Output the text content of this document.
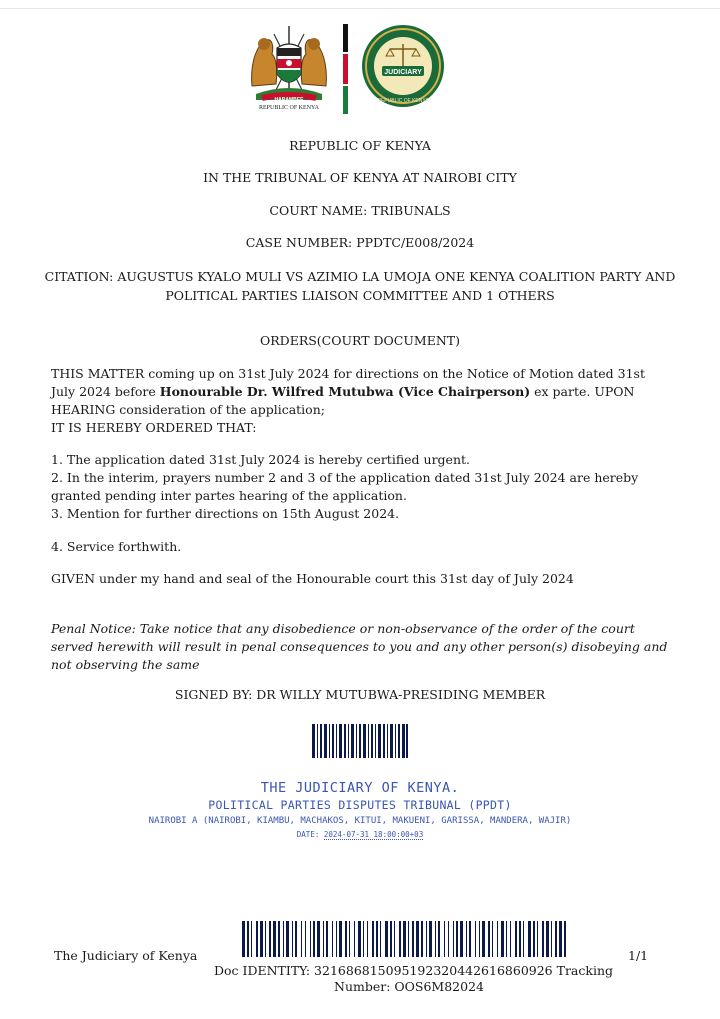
HARAMBEE
REPUBLIC OF KENYA
JUDICIARY
REPUBLIC OF KENYA
REPUBLIC OF KENYA
IN THE TRIBUNAL OF KENYA AT NAIROBI CITY
COURT NAME: TRIBUNALS
CASE NUMBER: PPDTC/E008/2024
CITATION: AUGUSTUS KYALO MULI VS AZIMIO LA UMOJA ONE KENYA COALITION PARTY AND
POLITICAL PARTIES LIAISON COMMITTEE AND 1 OTHERS
ORDERS(COURT DOCUMENT)
THIS MATTER coming up on 31st July 2024 for directions on the Notice of Motion dated 31st July 2024 before Honourable Dr. Wilfred Mutubwa (Vice Chairperson) ex parte. UPON HEARING consideration of the application;
IT IS HEREBY ORDERED THAT:
1. The application dated 31st July 2024 is hereby certified urgent.
2. In the interim, prayers number 2 and 3 of the application dated 31st July 2024 are hereby granted pending inter partes hearing of the application.
3. Mention for further directions on 15th August 2024.
4. Service forthwith.
GIVEN under my hand and seal of the Honourable court this 31st day of July 2024
Penal Notice: Take notice that any disobedience or non-observance of the order of the court served herewith will result in penal consequences to you and any other person(s) disobeying and not observing the same
SIGNED BY: DR WILLY MUTUBWA-PRESIDING MEMBER
THE JUDICIARY OF KENYA.
POLITICAL PARTIES DISPUTES TRIBUNAL (PPDT)
NAIROBI A (NAIROBI, KIAMBU, MACHAKOS, KITUI, MAKUENI, GARISSA, MANDERA, WAJIR)
DATE: 2024-07-31 18:00:00+03
The Judiciary of Kenya
Doc IDENTITY: 3216868150951923204426168609​26 Tracking
Number: OOS6M82024
1/1
